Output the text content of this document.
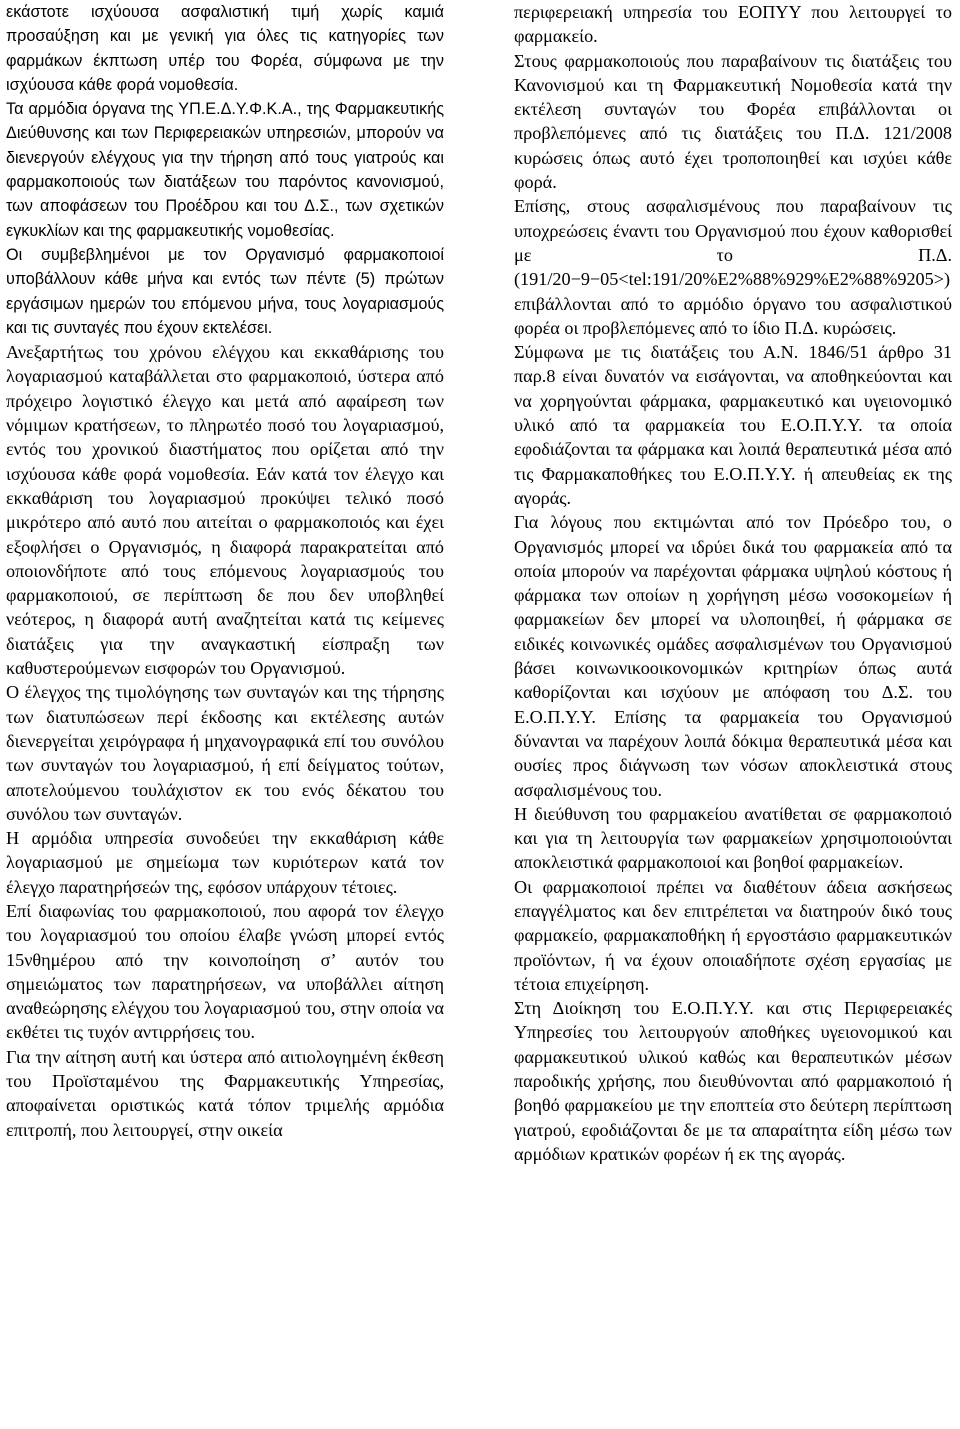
εκάστοτε ισχύουσα ασφαλιστική τιμή χωρίς καμιά προσαύξηση και με γενική για όλες τις κατηγορίες των φαρμάκων έκπτωση υπέρ του Φορέα, σύμφωνα με την ισχύουσα κάθε φορά νομοθεσία.

Τα αρμόδια όργανα της ΥΠ.Ε.Δ.Υ.Φ.Κ.Α., της Φαρμακευτικής Διεύθυνσης και των Περιφερειακών υπηρεσιών, μπορούν να διενεργούν ελέγχους για την τήρηση από τους γιατρούς και φαρμακοποιούς των διατάξεων του παρόντος κανονισμού, των αποφάσεων του Προέδρου και του Δ.Σ., των σχετικών εγκυκλίων και της φαρμακευτικής νομοθεσίας.

Οι συμβεβλημένοι με τον Οργανισμό φαρμακοποιοί υποβάλλουν κάθε μήνα και εντός των πέντε (5) πρώτων εργάσιμων ημερών του επόμενου μήνα, τους λογαριασμούς και τις συνταγές που έχουν εκτελέσει.

Ανεξαρτήτως του χρόνου ελέγχου και εκκαθάρισης του λογαριασμού καταβάλλεται στο φαρμακοποιό, ύστερα από πρόχειρο λογιστικό έλεγχο και μετά από αφαίρεση των νόμιμων κρατήσεων, το πληρωτέο ποσό του λογαριασμού, εντός του χρονικού διαστήματος που ορίζεται από την ισχύουσα κάθε φορά νομοθεσία. Εάν κατά τον έλεγχο και εκκαθάριση του λογαριασμού προκύψει τελικό ποσό μικρότερο από αυτό που αιτείται ο φαρμακοποιός και έχει εξοφλήσει ο Οργανισμός, η διαφορά παρακρατείται από οποιονδήποτε από τους επόμενους λογαριασμούς του φαρμακοποιού, σε περίπτωση δε που δεν υποβληθεί νεότερος, η διαφορά αυτή αναζητείται κατά τις κείμενες διατάξεις για την αναγκαστική είσπραξη των καθυστερούμενων εισφορών του Οργανισμού.

Ο έλεγχος της τιμολόγησης των συνταγών και της τήρησης των διατυπώσεων περί έκδοσης και εκτέλεσης αυτών διενεργείται χειρόγραφα ή μηχανογραφικά επί του συνόλου των συνταγών του λογαριασμού, ή επί δείγματος τούτων, αποτελούμενου τουλάχιστον εκ του ενός δέκατου του συνόλου των συνταγών.

Η αρμόδια υπηρεσία συνοδεύει την εκκαθάριση κάθε λογαριασμού με σημείωμα των κυριότερων κατά τον έλεγχο παρατηρήσεών της, εφόσον υπάρχουν τέτοιες.

Επί διαφωνίας του φαρμακοποιού, που αφορά τον έλεγχο του λογαριασμού του οποίου έλαβε γνώση μπορεί εντός 15νθημέρου από την κοινοποίηση σ’ αυτόν του σημειώματος των παρατηρήσεων, να υποβάλλει αίτηση αναθεώρησης ελέγχου του λογαριασμού του, στην οποία να εκθέτει τις τυχόν αντιρρήσεις του.

Για την αίτηση αυτή και ύστερα από αιτιολογημένη έκθεση του Προϊσταμένου της Φαρμακευτικής Υπηρεσίας, αποφαίνεται οριστικώς κατά τόπον τριμελής αρμόδια επιτροπή, που λειτουργεί, στην οικεία

περιφερειακή υπηρεσία του ΕΟΠΥΥ που λειτουργεί το φαρμακείο.

Στους φαρμακοποιούς που παραβαίνουν τις διατάξεις του Κανονισμού και τη Φαρμακευτική Νομοθεσία κατά την εκτέλεση συνταγών του Φορέα επιβάλλονται οι προβλεπόμενες από τις διατάξεις του Π.Δ. 121/2008 κυρώσεις όπως αυτό έχει τροποποιηθεί και ισχύει κάθε φορά.

Επίσης, στους ασφαλισμένους που παραβαίνουν τις υποχρεώσεις έναντι του Οργανισμού που έχουν καθορισθεί με το Π.Δ. (191/20−9−05<tel:191/20%E2%88%929%E2%88%9205>) επιβάλλονται από το αρμόδιο όργανο του ασφαλιστικού φορέα οι προβλεπόμενες από το ίδιο Π.Δ. κυρώσεις.

Σύμφωνα με τις διατάξεις του Α.Ν. 1846/51 άρθρο 31 παρ.8 είναι δυνατόν να εισάγονται, να αποθηκεύονται και να χορηγούνται φάρμακα, φαρμακευτικό και υγειονομικό υλικό από τα φαρμακεία του Ε.Ο.Π.Υ.Υ. τα οποία εφοδιάζονται τα φάρμακα και λοιπά θεραπευτικά μέσα από τις Φαρμακαποθήκες του Ε.Ο.Π.Υ.Υ. ή απευθείας εκ της αγοράς.

Για λόγους που εκτιμώνται από τον Πρόεδρο του, ο Οργανισμός μπορεί να ιδρύει δικά του φαρμακεία από τα οποία μπορούν να παρέχονται φάρμακα υψηλού κόστους ή φάρμακα των οποίων η χορήγηση μέσω νοσοκομείων ή φαρμακείων δεν μπορεί να υλοποιηθεί, ή φάρμακα σε ειδικές κοινωνικές ομάδες ασφαλισμένων του Οργανισμού βάσει κοινωνικοοικονομικών κριτηρίων όπως αυτά καθορίζονται και ισχύουν με απόφαση του Δ.Σ. του Ε.Ο.Π.Υ.Υ. Επίσης τα φαρμακεία του Οργανισμού δύνανται να παρέχουν λοιπά δόκιμα θεραπευτικά μέσα και ουσίες προς διάγνωση των νόσων αποκλειστικά στους ασφαλισμένους του.

Η διεύθυνση του φαρμακείου ανατίθεται σε φαρμακοποιό και για τη λειτουργία των φαρμακείων χρησιμοποιούνται αποκλειστικά φαρμακοποιοί και βοηθοί φαρμακείων.

Οι φαρμακοποιοί πρέπει να διαθέτουν άδεια ασκήσεως επαγγέλματος και δεν επιτρέπεται να διατηρούν δικό τους φαρμακείο, φαρμακαποθήκη ή εργοστάσιο φαρμακευτικών προϊόντων, ή να έχουν οποιαδήποτε σχέση εργασίας με τέτοια επιχείρηση.

Στη Διοίκηση του Ε.Ο.Π.Υ.Υ. και στις Περιφερειακές Υπηρεσίες του λειτουργούν αποθήκες υγειονομικού και φαρμακευτικού υλικού καθώς και θεραπευτικών μέσων παροδικής χρήσης, που διευθύνονται από φαρμακοποιό ή βοηθό φαρμακείου με την εποπτεία στο δεύτερη περίπτωση γιατρού, εφοδιάζονται δε με τα απαραίτητα είδη μέσω των αρμόδιων κρατικών φορέων ή εκ της αγοράς.
